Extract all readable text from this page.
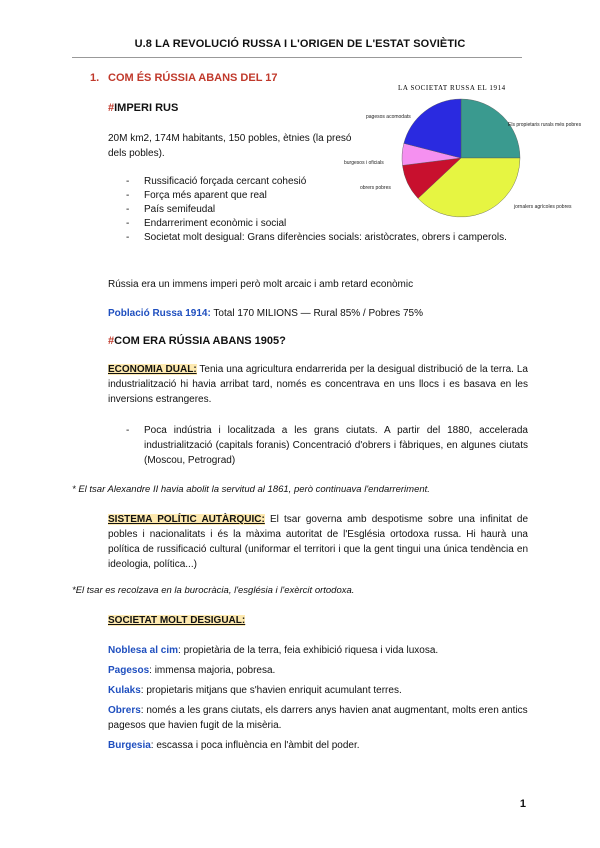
U.8 LA REVOLUCIÓ RUSSA I L'ORIGEN DE L'ESTAT SOVIÈTIC
1. COM ÉS RÚSSIA ABANS DEL 17
#IMPERI RUS
20M km2, 174M habitants, 150 pobles, ètnies (la presó dels pobles).
- Russificació forçada cercant cohesió
- Força més aparent que real
- País semifeudal
- Endarreriment econòmic i social
- Societat molt desigual: Grans diferències socials: aristòcrates, obrers i camperols.
LA SOCIETAT RUSSA EL 1914
Els propietaris rurals més pobres
jornalers agrícoles pobres
obrers pobres
burgesos i oficials
pagesos acomodats
Rússia era un immens imperi però molt arcaic i amb retard econòmic
Població Russa 1914: Total 170 MILIONS — Rural 85% / Pobres 75%
#COM ERA RÚSSIA ABANS 1905?
ECONOMIA DUAL: Tenia una agricultura endarrerida per la desigual distribució de la terra. La industrialització hi havia arribat tard, només es concentrava en uns llocs i es basava en les inversions estrangeres.
- Poca indústria i localitzada a les grans ciutats. A partir del 1880, accelerada industrialització (capitals foranis) Concentració d'obrers i fàbriques, en algunes ciutats (Moscou, Petrograd)
* El tsar Alexandre II havia abolit la servitud al 1861, però continuava l'endarreriment.
SISTEMA POLÍTIC AUTÀRQUIC: El tsar governa amb despotisme sobre una infinitat de pobles i nacionalitats i és la màxima autoritat de l'Església ortodoxa russa. Hi haurà una política de russificació cultural (uniformar el territori i que la gent tingui una única tendència en ideologia, política...)
*El tsar es recolzava en la burocràcia, l'església i l'exèrcit ortodoxa.
SOCIETAT MOLT DESIGUAL:
Noblesa al cim: propietària de la terra, feia exhibició riquesa i vida luxosa.
Pagesos: immensa majoria, pobresa.
Kulaks: propietaris mitjans que s'havien enriquit acumulant terres.
Obrers: només a les grans ciutats, els darrers anys havien anat augmentant, molts eren antics pagesos que havien fugit de la misèria.
Burgesia: escassa i poca influència en l'àmbit del poder.
1
